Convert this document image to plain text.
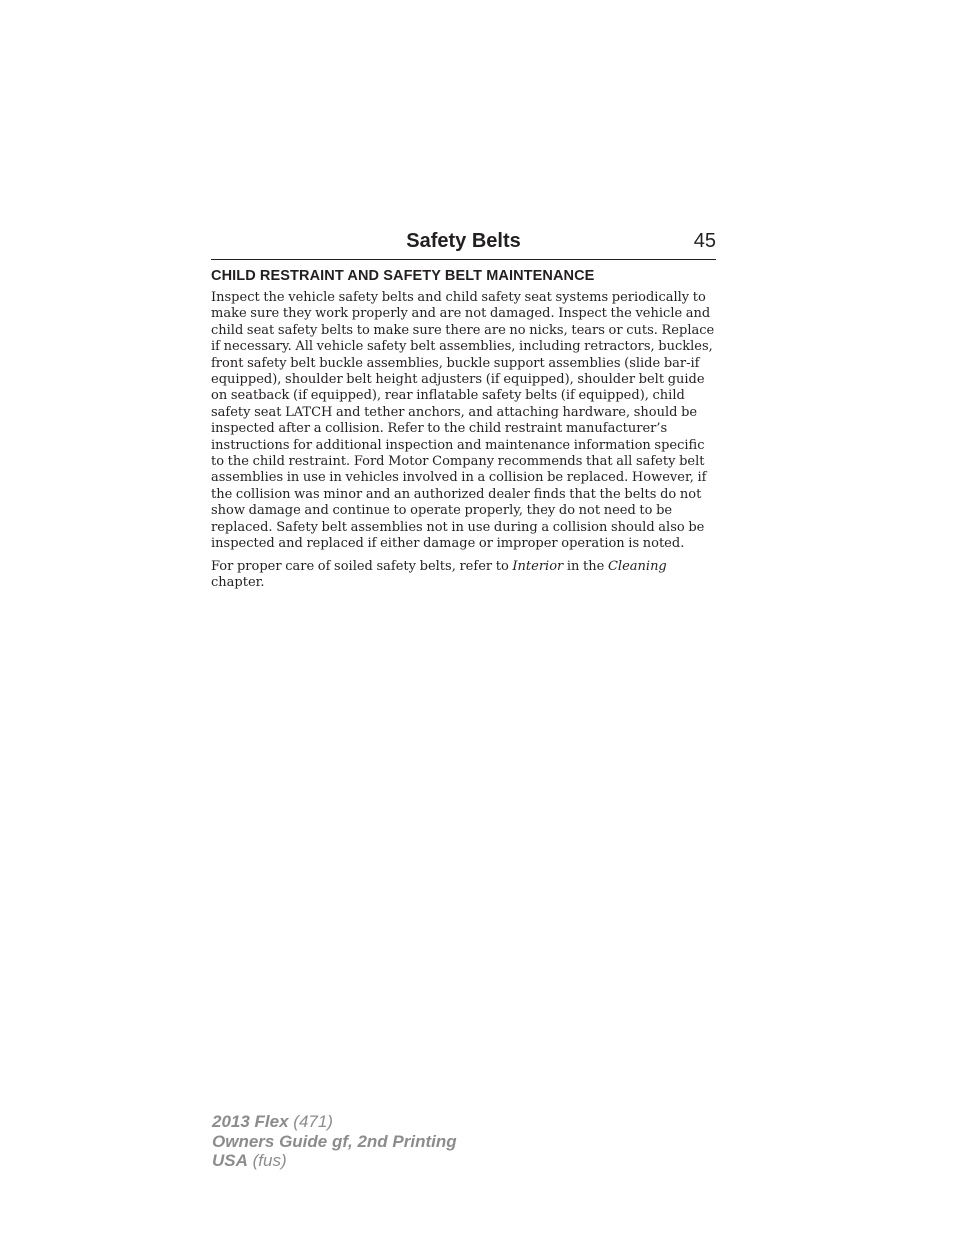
Safety Belts	45
CHILD RESTRAINT AND SAFETY BELT MAINTENANCE

Inspect the vehicle safety belts and child safety seat systems periodically to make sure they work properly and are not damaged. Inspect the vehicle and child seat safety belts to make sure there are no nicks, tears or cuts. Replace if necessary. All vehicle safety belt assemblies, including retractors, buckles, front safety belt buckle assemblies, buckle support assemblies (slide bar-if equipped), shoulder belt height adjusters (if equipped), shoulder belt guide on seatback (if equipped), rear inflatable safety belts (if equipped), child safety seat LATCH and tether anchors, and attaching hardware, should be inspected after a collision. Refer to the child restraint manufacturer’s instructions for additional inspection and maintenance information specific to the child restraint. Ford Motor Company recommends that all safety belt assemblies in use in vehicles involved in a collision be replaced. However, if the collision was minor and an authorized dealer finds that the belts do not show damage and continue to operate properly, they do not need to be replaced. Safety belt assemblies not in use during a collision should also be inspected and replaced if either damage or improper operation is noted.

For proper care of soiled safety belts, refer to Interior in the Cleaning chapter.

2013 Flex (471)
Owners Guide gf, 2nd Printing
USA (fus)
